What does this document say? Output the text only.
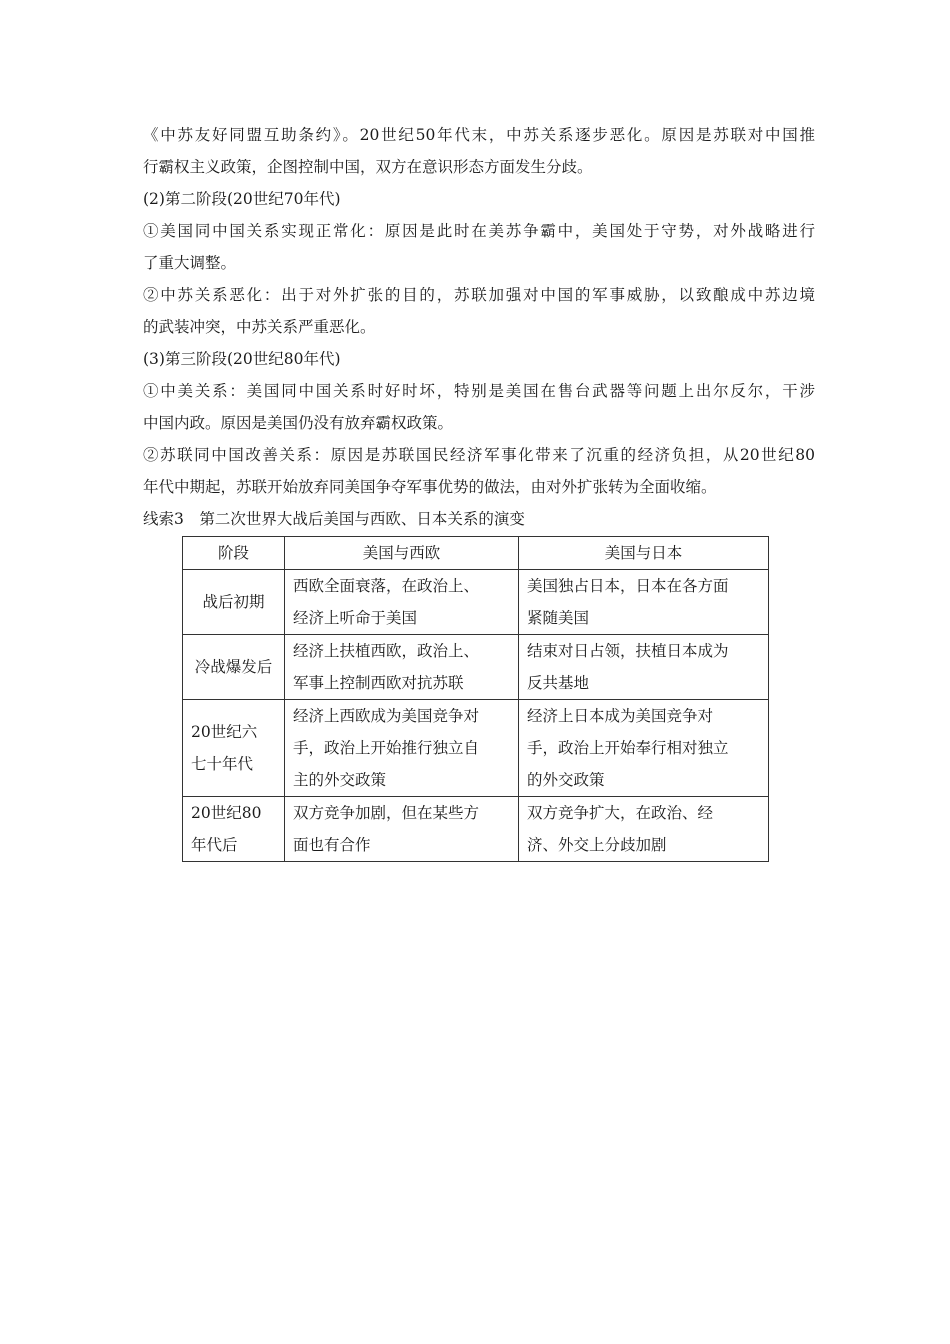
《中苏友好同盟互助条约》。20世纪50年代末，中苏关系逐步恶化。原因是苏联对中国推
行霸权主义政策，企图控制中国，双方在意识形态方面发生分歧。
(2)第二阶段(20世纪70年代)
①美国同中国关系实现正常化：原因是此时在美苏争霸中，美国处于守势，对外战略进行
了重大调整。
②中苏关系恶化：出于对外扩张的目的，苏联加强对中国的军事威胁，以致酿成中苏边境
的武装冲突，中苏关系严重恶化。
(3)第三阶段(20世纪80年代)
①中美关系：美国同中国关系时好时坏，特别是美国在售台武器等问题上出尔反尔，干涉
中国内政。原因是美国仍没有放弃霸权政策。
②苏联同中国改善关系：原因是苏联国民经济军事化带来了沉重的经济负担，从20世纪80
年代中期起，苏联开始放弃同美国争夺军事优势的做法，由对外扩张转为全面收缩。
线索3　第二次世界大战后美国与西欧、日本关系的演变
阶段	美国与西欧	美国与日本

战后初期	西欧全面衰落，在政治上、
经济上听命于美国	美国独占日本，日本在各方面
紧随美国

冷战爆发后	经济上扶植西欧，政治上、
军事上控制西欧对抗苏联	结束对日占领，扶植日本成为
反共基地

20世纪六
七十年代	经济上西欧成为美国竞争对
手，政治上开始推行独立自
主的外交政策	经济上日本成为美国竞争对
手，政治上开始奉行相对独立
的外交政策

20世纪80
年代后	双方竞争加剧，但在某些方
面也有合作	双方竞争扩大，在政治、经
济、外交上分歧加剧
